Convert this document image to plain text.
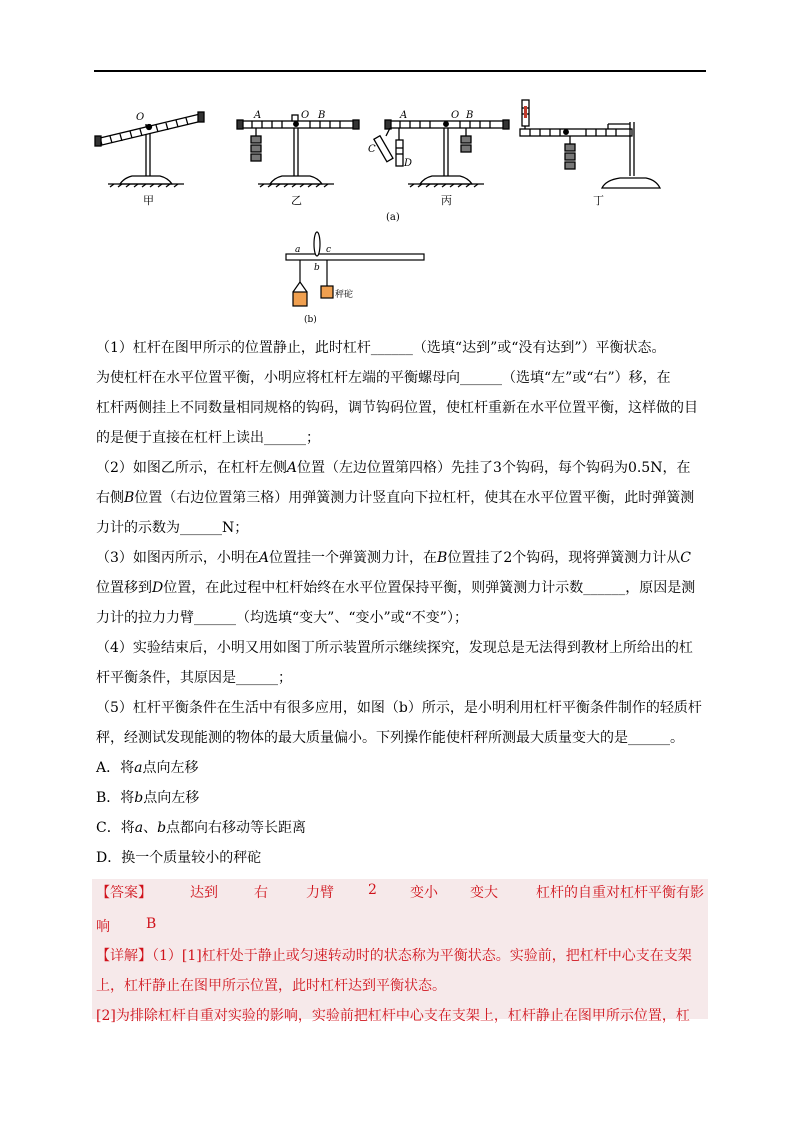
O	A	O B	A	O B
C
D
甲	乙	丙	丁
(a)
a
b
c
秤砣
(b)
（1）杠杆在图甲所示的位置静止，此时杠杆______（选填“达到”或“没有达到”）平衡状态。
为使杠杆在水平位置平衡，小明应将杠杆左端的平衡螺母向______（选填“左”或“右”）移，在
杠杆两侧挂上不同数量相同规格的钩码，调节钩码位置，使杠杆重新在水平位置平衡，这样做的目
的是便于直接在杠杆上读出______；
（2）如图乙所示，在杠杆左侧A位置（左边位置第四格）先挂了3个钩码，每个钩码为0.5N，在
右侧B位置（右边位置第三格）用弹簧测力计竖直向下拉杠杆，使其在水平位置平衡，此时弹簧测
力计的示数为______N；
（3）如图丙所示，小明在A位置挂一个弹簧测力计，在B位置挂了2个钩码，现将弹簧测力计从C
位置移到D位置，在此过程中杠杆始终在水平位置保持平衡，则弹簧测力计示数______，原因是测
力计的拉力力臂______（均选填“变大”、“变小”或“不变”）；
（4）实验结束后，小明又用如图丁所示装置所示继续探究，发现总是无法得到教材上所给出的杠
杆平衡条件，其原因是______；
（5）杠杆平衡条件在生活中有很多应用，如图（b）所示，是小明利用杠杆平衡条件制作的轻质杆
秤，经测试发现能测的物体的最大质量偏小。下列操作能使杆秤所测最大质量变大的是______。
A．将a点向左移
B．将b点向左移
C．将a、b点都向右移动等长距离
D．换一个质量较小的秤砣
【答案】	达到	右	力臂 2 变小 变大	杠杆的自重对杠杆平衡有影
响	B
【详解】（1）[1]杠杆处于静止或匀速转动时的状态称为平衡状态。实验前，把杠杆中心支在支架
上，杠杆静止在图甲所示位置，此时杠杆达到平衡状态。
[2]为排除杠杆自重对实验的影响，实验前把杠杆中心支在支架上，杠杆静止在图甲所示位置，杠
